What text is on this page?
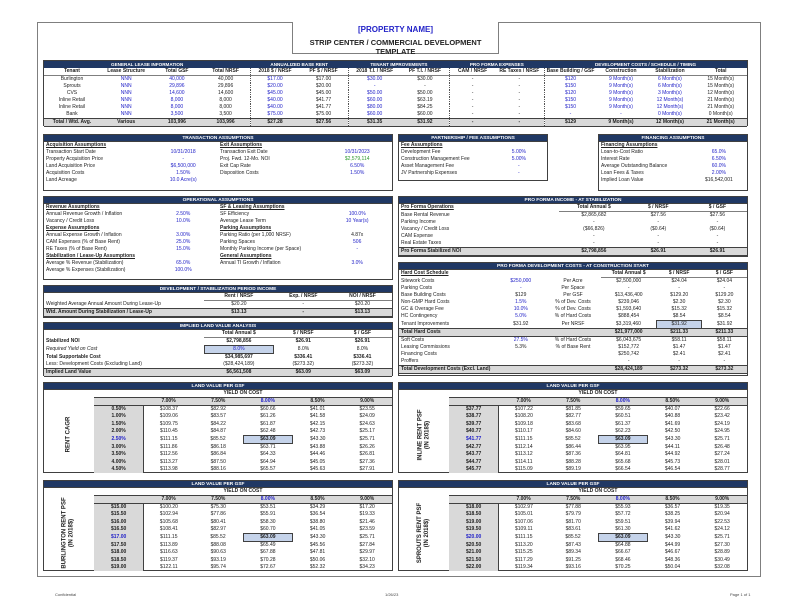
[PROPERTY NAME]
STRIP CENTER / COMMERCIAL DEVELOPMENT TEMPLATE
GENERAL LEASE INFORMATION				ANNUALIZED BASE RENT		TENANT IMPROVEMENTS		PRO FORMA EXPENSES		DEVELOPMENT COSTS / SCHEDULE / TIMING			
Tenant	Lease Structure	Total GSF	Total NRSF	2018 $ / NRSF	PF $ / NRSF	2018 T.I. / NRSF	PF T.I. / NRSF	CAM / NRSF	RE Taxes / NRSF	Base Building / GSF	Construction	Stabilization	Total
Burlington	NNN	40,000	40,000	$17.00	$17.00	$30.00	$30.00	-	-	$120	9 Month(s)	6 Month(s)	15 Month(s)
Sprouts	NNN	29,896	29,896	$20.00	$20.00	-	-	-	-	$150	9 Month(s)	6 Month(s)	15 Month(s)
CVS	NNN	14,600	14,600	$45.00	$45.00	$50.00	$50.00	-	-	$120	9 Month(s)	3 Month(s)	12 Month(s)
Inline Retail	NNN	8,000	8,000	$40.00	$41.77	$60.00	$63.19	-	-	$150	9 Month(s)	12 Month(s)	21 Month(s)
Inline Retail	NNN	8,000	8,000	$40.00	$41.77	$80.00	$84.25	-	-	$150	9 Month(s)	12 Month(s)	21 Month(s)
Bank	NNN	3,500	3,500	$75.00	$75.00	$60.00	$60.00	-	-	-	-	0 Month(s)	0 Month(s)
Total / Wtd. Avg.	Various	103,996	103,996	$27.28	$27.56	$31.35	$31.92	-	-	$129	9 Month(s)	12 Month(s)	21 Month(s)
TRANSACTION ASSUMPTIONS
Acquisition Assumptions		Exit Assumptions	
Transaction Start Date	10/31/2018	Transaction Exit Date	10/31/2023
Property Acquisition Price	-	Proj. Fwd. 12-Mo. NOI	$2,579,114
Land Acquisition Price	$6,500,000	Exit Cap Rate	6.50%
Acquisition Costs	1.50%	Disposition Costs	1.50%
Land Acreage	10.0 Acre(s)		
PARTNERSHIP / FEE ASSUMPTIONS
Fee Assumptions	
Development Fee	5.00%
Construction Management Fee	5.00%
Asset Management Fee	-
JV Partnership Expenses	-
FINANCING ASSUMPTIONS
Financing Assumptions	
Loan-to-Cost Ratio	65.0%
Interest Rate	6.50%
Average Outstanding Balance	60.0%
Loan Fees & Taxes	2.00%
Implied Loan Value	$16,542,001
OPERATIONAL ASSUMPTIONS
Revenue Assumptions		SF & Leasing Assumptions	
Annual Revenue Growth / Inflation	2.50%	SF Efficiency	100.0%
Vacancy / Credit Loss	10.0%	Average Lease Term	10 Year(s)
Expense Assumptions		Parking Assumptions	
Annual Expense Growth / Inflation	3.00%	Parking Ratio (per 1,000 NRSF)	4.87x
CAM Expenses (% of Base Rent)	25.0%	Parking Spaces	506
RE Taxes (% of Base Rent)	15.0%	Monthly Parking Income (per Space)	-
Stabilization / Lease-Up Assumptions		General Assumptions	
Average % Revenue (Stabilization)	65.0%	Annual TI Growth / Inflation	3.0%
Average % Expenses (Stabilization)	100.0%		
PRO FORMA INCOME - AT STABILIZATION
Pro Forma Operations	Total Annual $	$ / NRSF	$ / GSF
Base Rental Revenue	$2,865,682	$27.56	$27.56
Parking Income	-	-	-
Vacancy / Credit Loss	($66,826)	($0.64)	($0.64)
CAM Expense	-	-	-
Real Estate Taxes	-	-	-
Pro Forma Stabilized NOI	$2,798,856	$26.91	$26.91
DEVELOPMENT / STABILIZATION PERIOD INCOME
	Rent / NRSF	Exp. / NRSF	NOI / NRSF
Weighted Average Annual Amount During Lease-Up	$20.20	-	$20.20
Wtd. Amount During Stabilization / Lease-Up	$13.13	-	$13.13
IMPLIED LAND VALUE ANALYSIS
	Total Annual $	$ / NRSF	$ / GSF
Stabilized NOI	$2,798,856	$26.91	$26.91
Required Yield on Cost	8.0%	8.0%	8.0%
Total Supportable Cost	$34,985,697	$336.41	$336.41
Less: Development Costs (Excluding Land)	($28,424,189)	($273.32)	($273.32)
Implied Land Value	$6,561,508	$63.09	$63.09
PRO FORMA DEVELOPMENT COSTS - AT CONSTRUCTION START
Hard Cost Schedule			Total Annual $	$ / NRSF	$ / GSF
Sitework Costs	$250,000	Per Acre	$2,500,000	$24.04	$24.04
Parking Costs	-	Per Space	-	-	-
Base Building Costs	$129	Per GSF	$13,436,400	$129.20	$129.20
Non-GMP Hard Costs	1.5%	% of Dev. Costs	$239,046	$2.30	$2.30
GC & Overage Fee	10.0%	% of Dev. Costs	$1,593,640	$15.32	$15.32
HC Contingency	5.0%	% of Hard Costs	$888,454	$8.54	$8.54
Tenant Improvements	$31.92	Per NRSF	$3,319,460	$31.92	$31.92
Total Hard Costs			$21,977,000	$211.33	$211.33
Soft Costs	27.5%	% of Hard Costs	$6,043,675	$58.11	$58.11
Leasing Commissions	5.3%	% of Base Rent	$152,772	$1.47	$1.47
Financing Costs			$250,742	$2.41	$2.41
Proffers			-	-	-
Total Development Costs (Excl. Land)			$28,424,189	$273.32	$273.32
LAND VALUE PER GSF
YIELD ON COST
RENT CAGR
	7.00%	7.50%	8.00%	8.50%	9.00%
0.50%	$108.37	$82.92	$60.66	$41.01	$23.55
1.00%	$109.06	$83.57	$61.26	$41.58	$24.09
1.50%	$109.75	$84.22	$61.87	$42.15	$24.63
2.00%	$110.45	$84.87	$62.48	$42.73	$25.17
2.50%	$111.15	$85.52	$63.09	$43.30	$25.71
3.00%	$111.86	$86.18	$63.71	$43.88	$26.26
3.50%	$112.56	$86.84	$64.33	$44.46	$26.81
4.00%	$113.27	$87.50	$64.94	$45.05	$27.36
4.50%	$113.98	$88.16	$65.57	$45.63	$27.91
LAND VALUE PER GSF
YIELD ON COST
INLINE RENT PSF
(IN 2018$)
	7.00%	7.50%	8.00%	8.50%	9.00%
$37.77	$107.22	$81.85	$59.65	$40.07	$22.66
$38.77	$108.20	$82.77	$60.51	$40.88	$23.42
$39.77	$109.18	$83.68	$61.37	$41.69	$24.19
$40.77	$110.17	$84.60	$62.23	$42.50	$24.95
$41.77	$111.15	$85.52	$63.09	$43.30	$25.71
$42.77	$112.14	$86.44	$63.95	$44.11	$26.48
$43.77	$113.12	$87.36	$64.81	$44.92	$27.24
$44.77	$114.11	$88.28	$65.68	$45.73	$28.01
$45.77	$115.09	$89.19	$66.54	$46.54	$28.77
LAND VALUE PER GSF
YIELD ON COST
BURLINGTON RENT PSF
(IN 2018$)
	7.00%	7.50%	8.00%	8.50%	9.00%
$15.00	$100.20	$75.30	$53.51	$34.29	$17.20
$15.50	$102.94	$77.86	$55.91	$36.54	$19.33
$16.00	$105.68	$80.41	$58.30	$38.80	$21.46
$16.50	$108.41	$82.97	$60.70	$41.05	$23.59
$17.00	$111.15	$85.52	$63.09	$43.30	$25.71
$17.50	$113.89	$88.08	$65.49	$45.56	$27.84
$18.00	$116.63	$90.63	$67.88	$47.81	$29.97
$18.50	$119.37	$93.19	$70.28	$50.06	$32.10
$19.00	$122.11	$95.74	$72.67	$52.32	$34.23
LAND VALUE PER GSF
YIELD ON COST
SPROUTS RENT PSF
(IN 2018$)
	7.00%	7.50%	8.00%	8.50%	9.00%
$18.00	$102.97	$77.88	$55.93	$36.57	$19.35
$18.50	$105.01	$79.79	$57.72	$38.25	$20.94
$19.00	$107.06	$81.70	$59.51	$39.94	$22.53
$19.50	$109.11	$83.61	$61.30	$41.62	$24.12
$20.00	$111.15	$85.52	$63.09	$43.30	$25.71
$20.50	$113.20	$87.43	$64.88	$44.99	$27.30
$21.00	$115.25	$89.34	$66.67	$46.67	$28.89
$21.50	$117.29	$91.25	$68.46	$48.36	$30.49
$22.00	$119.34	$93.16	$70.25	$50.04	$32.08
Confidential	1/26/23	Page 1 of 1
